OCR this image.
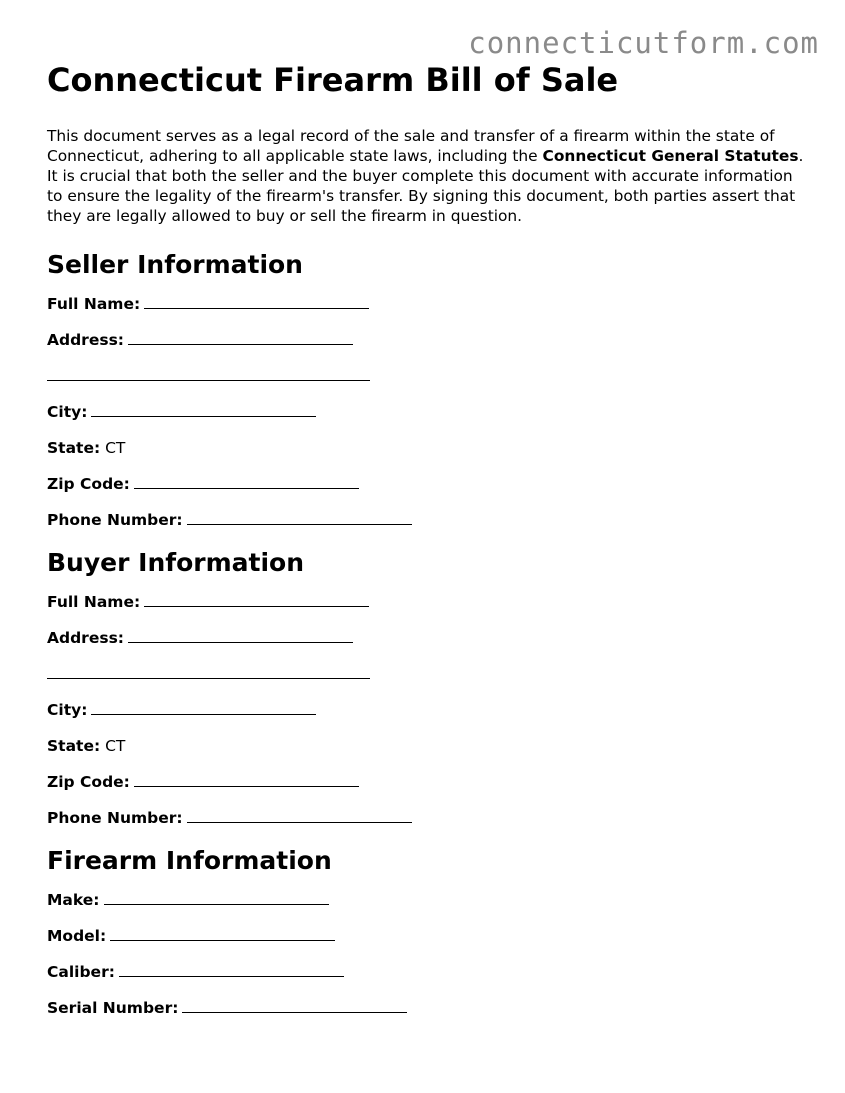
connecticutform.com
Connecticut Firearm Bill of Sale

This document serves as a legal record of the sale and transfer of a firearm within the state of Connecticut, adhering to all applicable state laws, including the Connecticut General Statutes. It is crucial that both the seller and the buyer complete this document with accurate information to ensure the legality of the firearm's transfer. By signing this document, both parties assert that they are legally allowed to buy or sell the firearm in question.

Seller Information
Full Name:
Address:
City:
State: CT
Zip Code:
Phone Number:
Buyer Information
Full Name:
Address:
City:
State: CT
Zip Code:
Phone Number:
Firearm Information
Make:
Model:
Caliber:
Serial Number:
